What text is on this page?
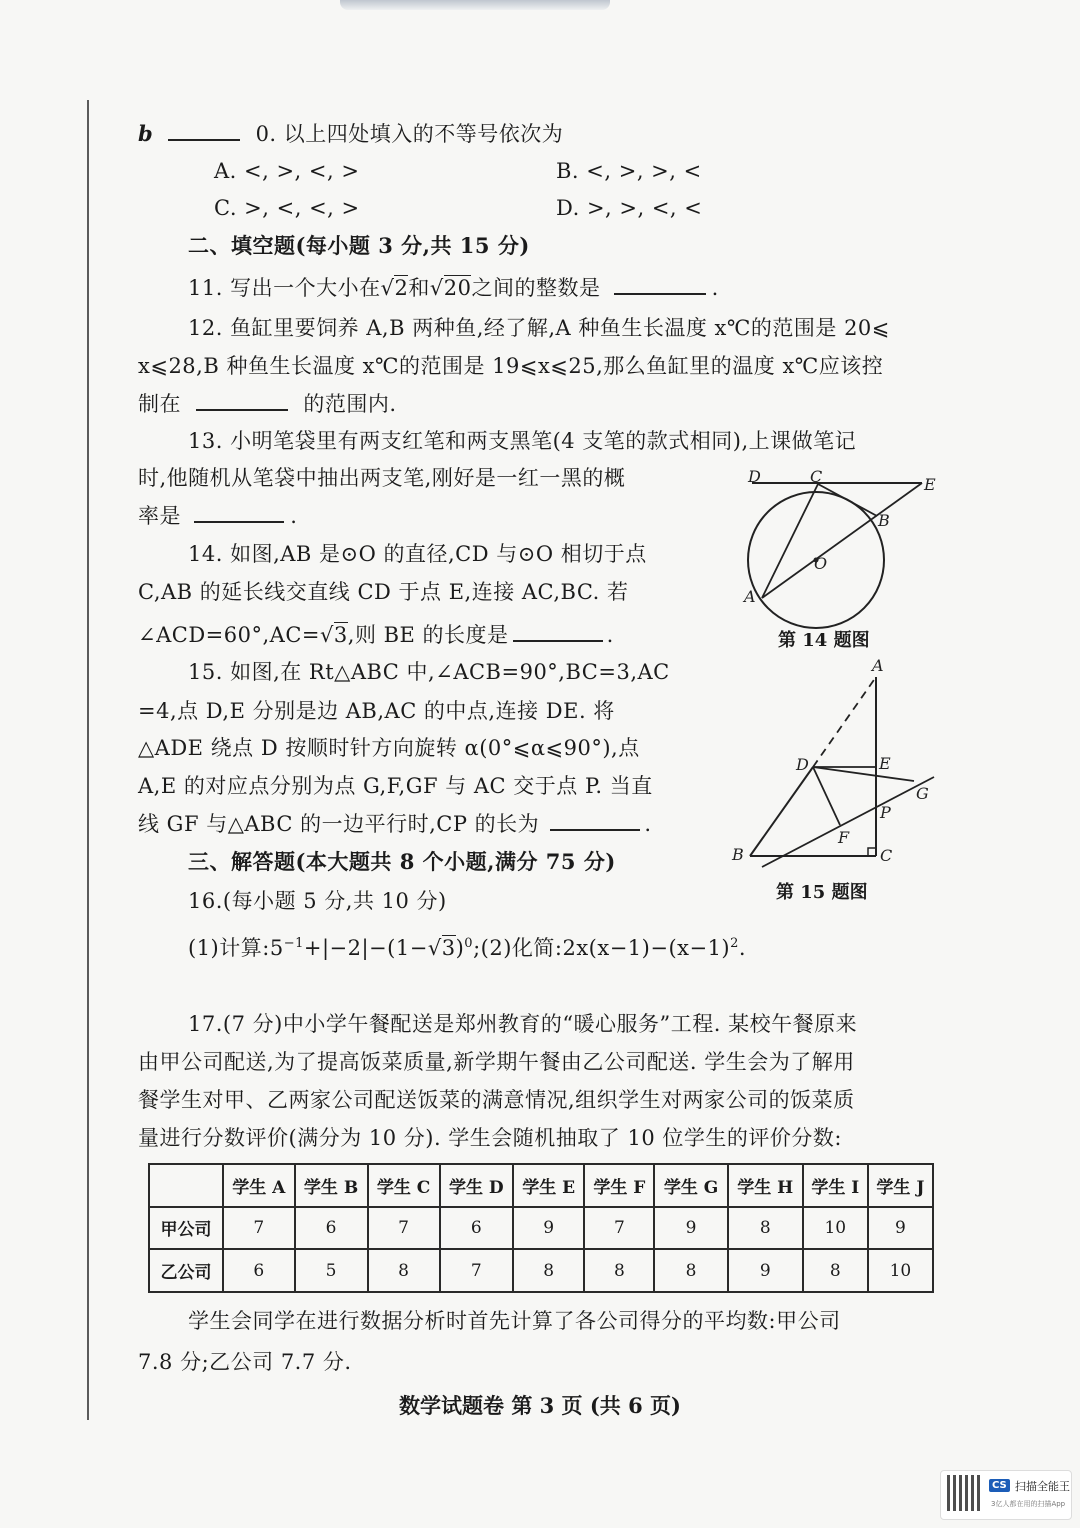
b	0. 以上四处填入的不等号依次为
A. <, >, <, >	B. <, >, >, <
C. >, <, <, >	D. >, >, <, <
二、填空题(每小题 3 分,共 15 分)
11. 写出一个大小在√2和√20之间的整数是	.
12. 鱼缸里要饲养 A,B 两种鱼,经了解,A 种鱼生长温度 x℃的范围是 20⩽
x⩽28,B 种鱼生长温度 x℃的范围是 19⩽x⩽25,那么鱼缸里的温度 x℃应该控
制在	的范围内.
13. 小明笔袋里有两支红笔和两支黑笔(4 支笔的款式相同),上课做笔记
时,他随机从笔袋中抽出两支笔,刚好是一红一黑的概
率是	.
14. 如图,AB 是⊙O 的直径,CD 与⊙O 相切于点
C,AB 的延长线交直线 CD 于点 E,连接 AC,BC. 若
∠ACD=60°,AC=√3,则 BE 的长度是	.
D	C	E
B
O
A
第 14 题图
15. 如图,在 Rt△ABC 中,∠ACB=90°,BC=3,AC
=4,点 D,E 分别是边 AB,AC 的中点,连接 DE. 将
△ADE 绕点 D 按顺时针方向旋转 α(0°⩽α⩽90°),点
A,E 的对应点分别为点 G,F,GF 与 AC 交于点 P. 当直
线 GF 与△ABC 的一边平行时,CP 的长为	.
A
D	E
G
P
F
B	C
第 15 题图
三、解答题(本大题共 8 个小题,满分 75 分)
16.(每小题 5 分,共 10 分)
(1)计算$:5^{-1}+|-2|-(1-√3)^0;(2)$化简$:2x(x-1)-(x-1)^2$.
17.(7 分)中小学午餐配送是郑州教育的“暖心服务”工程. 某校午餐原来
由甲公司配送,为了提高饭菜质量,新学期午餐由乙公司配送. 学生会为了解用
餐学生对甲、乙两家公司配送饭菜的满意情况,组织学生对两家公司的饭菜质
量进行分数评价(满分为 10 分). 学生会随机抽取了 10 位学生的评价分数:
	学生 A	学生 B	学生 C	学生 D	学生 E	学生 F	学生 G	学生 H	学生 I	学生 J
甲公司	7	6	7	6	9	7	9	8	10	9
乙公司	6	5	8	7	8	8	8	9	8	10
学生会同学在进行数据分析时首先计算了各公司得分的平均数:甲公司
7.8 分;乙公司 7.7 分.
数学试题卷 第 3 页 (共 6 页)
CS 扫描全能王
3亿人都在用的扫描App
